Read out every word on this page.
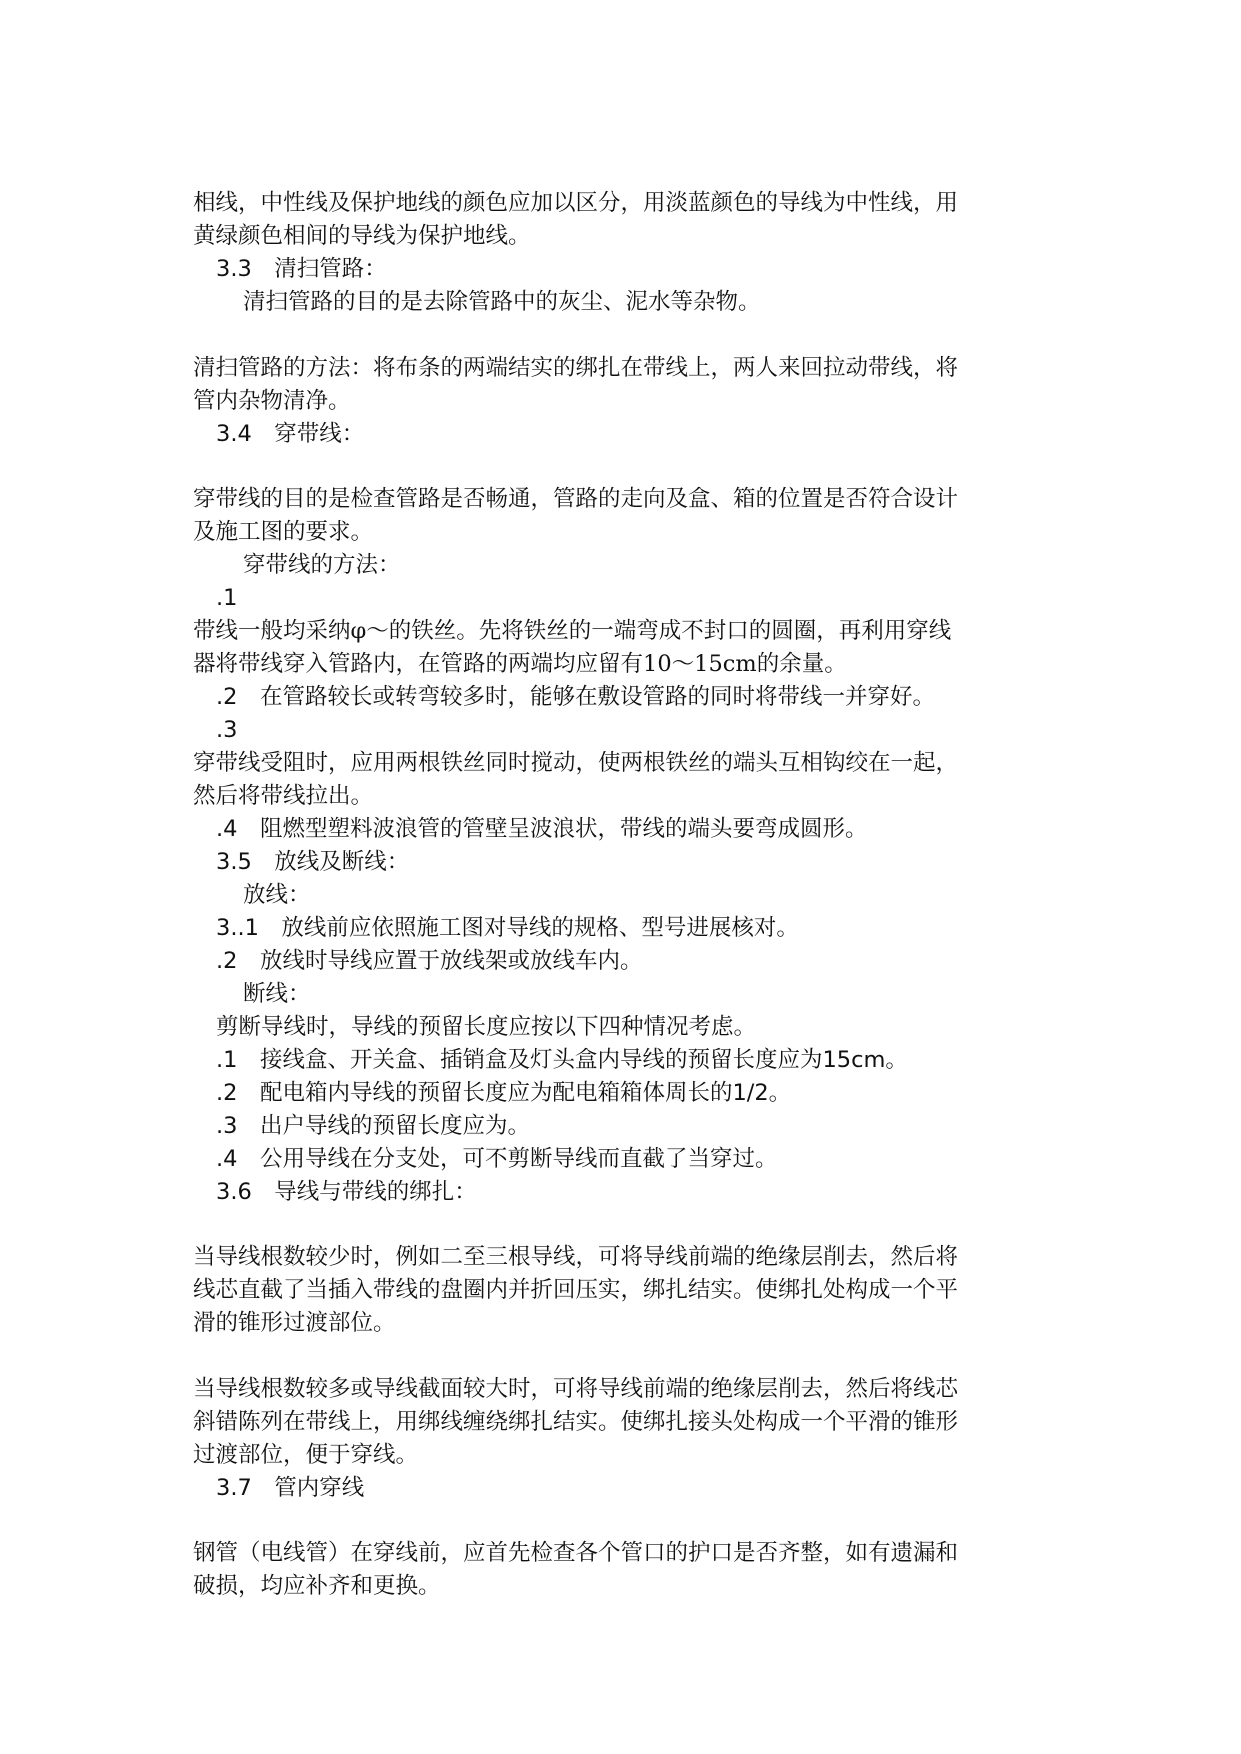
相线，中性线及保护地线的颜色应加以区分，用淡蓝颜色的导线为中性线，用
黄绿颜色相间的导线为保护地线。
3.3　清扫管路：
清扫管路的目的是去除管路中的灰尘、泥水等杂物。
清扫管路的方法：将布条的两端结实的绑扎在带线上，两人来回拉动带线，将
管内杂物清净。
3.4　穿带线：
穿带线的目的是检查管路是否畅通，管路的走向及盒、箱的位置是否符合设计
及施工图的要求。
穿带线的方法：
.1
带线一般均采纳φ～的铁丝。先将铁丝的一端弯成不封口的圆圈，再利用穿线
器将带线穿入管路内，在管路的两端均应留有10～15cm的余量。
.2　在管路较长或转弯较多时，能够在敷设管路的同时将带线一并穿好。
.3
穿带线受阻时，应用两根铁丝同时搅动，使两根铁丝的端头互相钩绞在一起，
然后将带线拉出。
.4　阻燃型塑料波浪管的管壁呈波浪状，带线的端头要弯成圆形。
3.5　放线及断线：
放线：
3..1　放线前应依照施工图对导线的规格、型号进展核对。
.2　放线时导线应置于放线架或放线车内。
断线：
剪断导线时，导线的预留长度应按以下四种情况考虑。
.1　接线盒、开关盒、插销盒及灯头盒内导线的预留长度应为15cm。
.2　配电箱内导线的预留长度应为配电箱箱体周长的1/2。
.3　出户导线的预留长度应为。
.4　公用导线在分支处，可不剪断导线而直截了当穿过。
3.6　导线与带线的绑扎：
当导线根数较少时，例如二至三根导线，可将导线前端的绝缘层削去，然后将
线芯直截了当插入带线的盘圈内并折回压实，绑扎结实。使绑扎处构成一个平
滑的锥形过渡部位。
当导线根数较多或导线截面较大时，可将导线前端的绝缘层削去，然后将线芯
斜错陈列在带线上，用绑线缠绕绑扎结实。使绑扎接头处构成一个平滑的锥形
过渡部位，便于穿线。
3.7　管内穿线
钢管（电线管）在穿线前，应首先检查各个管口的护口是否齐整，如有遗漏和
破损，均应补齐和更换。
